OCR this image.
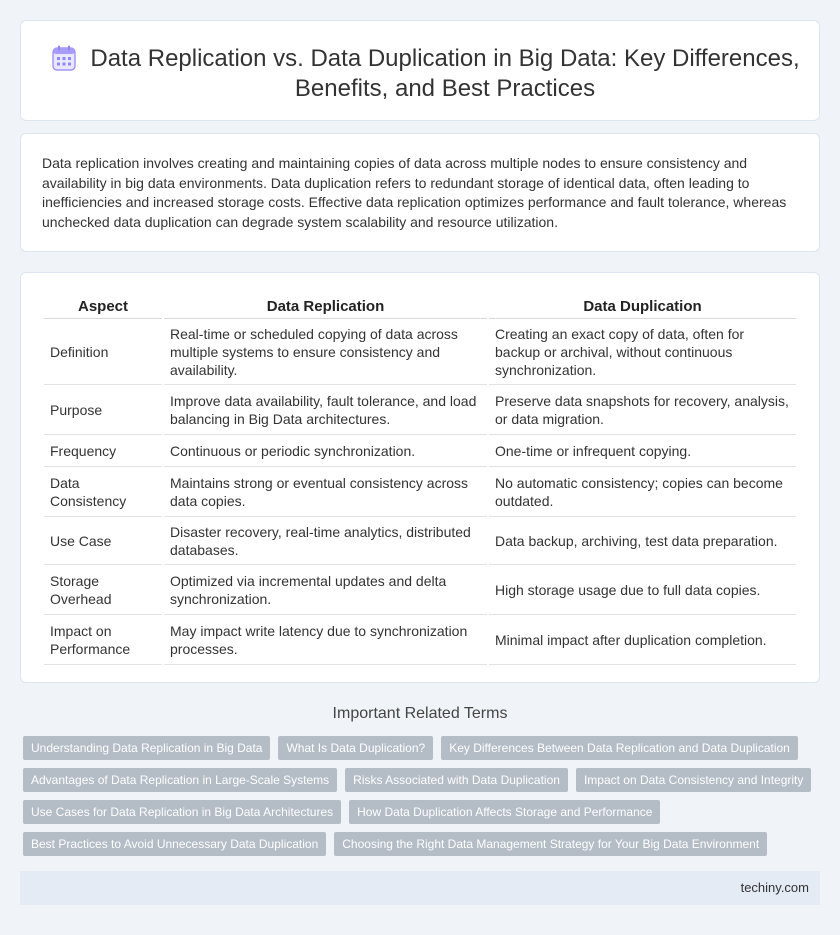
Data Replication vs. Data Duplication in Big Data: Key Differences, Benefits, and Best Practices

Data replication involves creating and maintaining copies of data across multiple nodes to ensure consistency and availability in big data environments. Data duplication refers to redundant storage of identical data, often leading to inefficiencies and increased storage costs. Effective data replication optimizes performance and fault tolerance, whereas unchecked data duplication can degrade system scalability and resource utilization.

Aspect	Data Replication	Data Duplication
Definition	Real-time or scheduled copying of data across multiple systems to ensure consistency and availability.	Creating an exact copy of data, often for backup or archival, without continuous synchronization.
Purpose	Improve data availability, fault tolerance, and load balancing in Big Data architectures.	Preserve data snapshots for recovery, analysis, or data migration.
Frequency	Continuous or periodic synchronization.	One-time or infrequent copying.
Data Consistency	Maintains strong or eventual consistency across data copies.	No automatic consistency; copies can become outdated.
Use Case	Disaster recovery, real-time analytics, distributed databases.	Data backup, archiving, test data preparation.
Storage Overhead	Optimized via incremental updates and delta synchronization.	High storage usage due to full data copies.
Impact on Performance	May impact write latency due to synchronization processes.	Minimal impact after duplication completion.
Important Related Terms
Understanding Data Replication in Big Data	What Is Data Duplication?	Key Differences Between Data Replication and Data Duplication
Advantages of Data Replication in Large-Scale Systems	Risks Associated with Data Duplication	Impact on Data Consistency and Integrity
Use Cases for Data Replication in Big Data Architectures	How Data Duplication Affects Storage and Performance
Best Practices to Avoid Unnecessary Data Duplication	Choosing the Right Data Management Strategy for Your Big Data Environment
techiny.com
